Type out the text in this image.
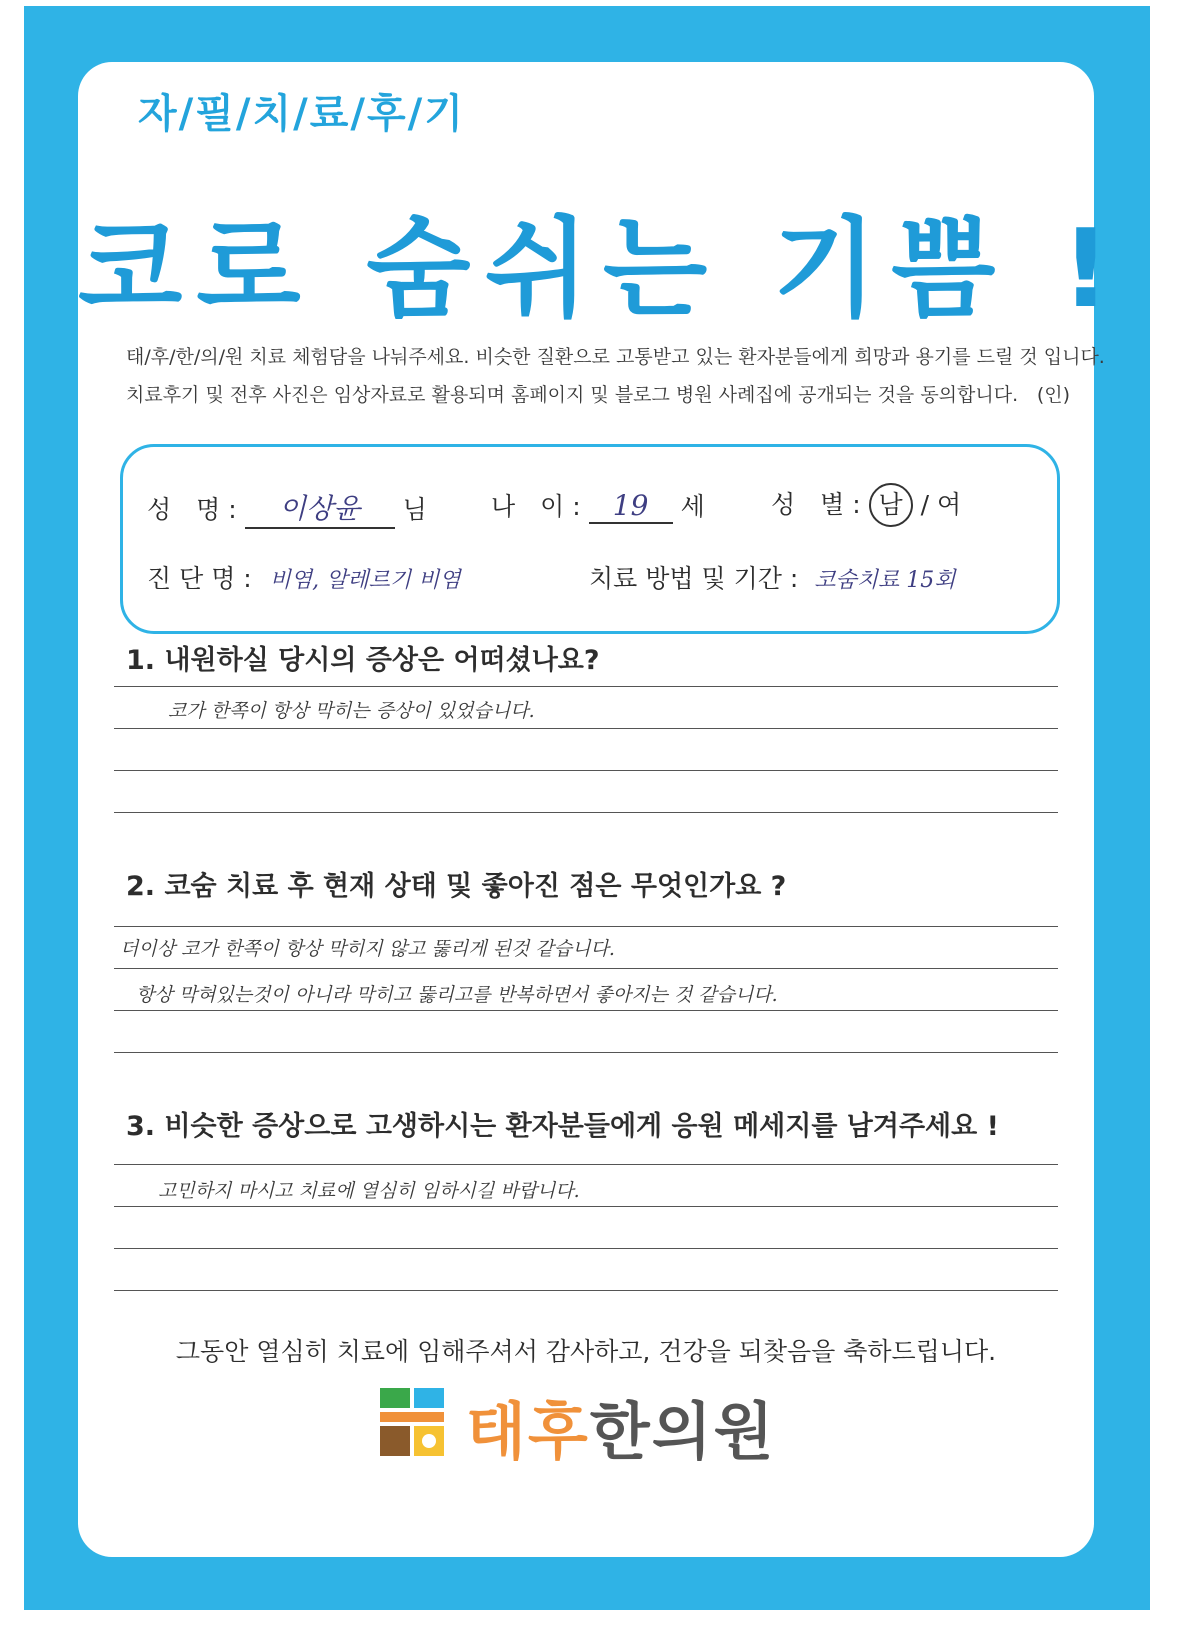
자/필/치/료/후/기
코로 숨쉬는 기쁨 !
태/후/한/의/원 치료 체험담을 나눠주세요. 비슷한 질환으로 고통받고 있는 환자분들에게 희망과 용기를 드릴 것 입니다.
치료후기 및 전후 사진은 임상자료로 활용되며 홈페이지 및 블로그 병원 사례집에 공개되는 것을 동의합니다. (인)
성　명 : 이상윤 님	나　이 : 19 세	성　별 : 남 / 여
진 단 명 : 비염, 알레르기 비염	치료 방법 및 기간 : 코숨치료 15회
1. 내원하실 당시의 증상은 어떠셨나요?
코가 한쪽이 항상 막히는 증상이 있었습니다.
2. 코숨 치료 후 현재 상태 및 좋아진 점은 무엇인가요 ?
더이상 코가 한쪽이 항상 막히지 않고 뚫리게 된것 같습니다.
항상 막혀있는것이 아니라 막히고 뚫리고를 반복하면서 좋아지는 것 같습니다.
3. 비슷한 증상으로 고생하시는 환자분들에게 응원 메세지를 남겨주세요 !
고민하지 마시고 치료에 열심히 임하시길 바랍니다.
그동안 열심히 치료에 임해주셔서 감사하고, 건강을 되찾음을 축하드립니다.
태후한의원
